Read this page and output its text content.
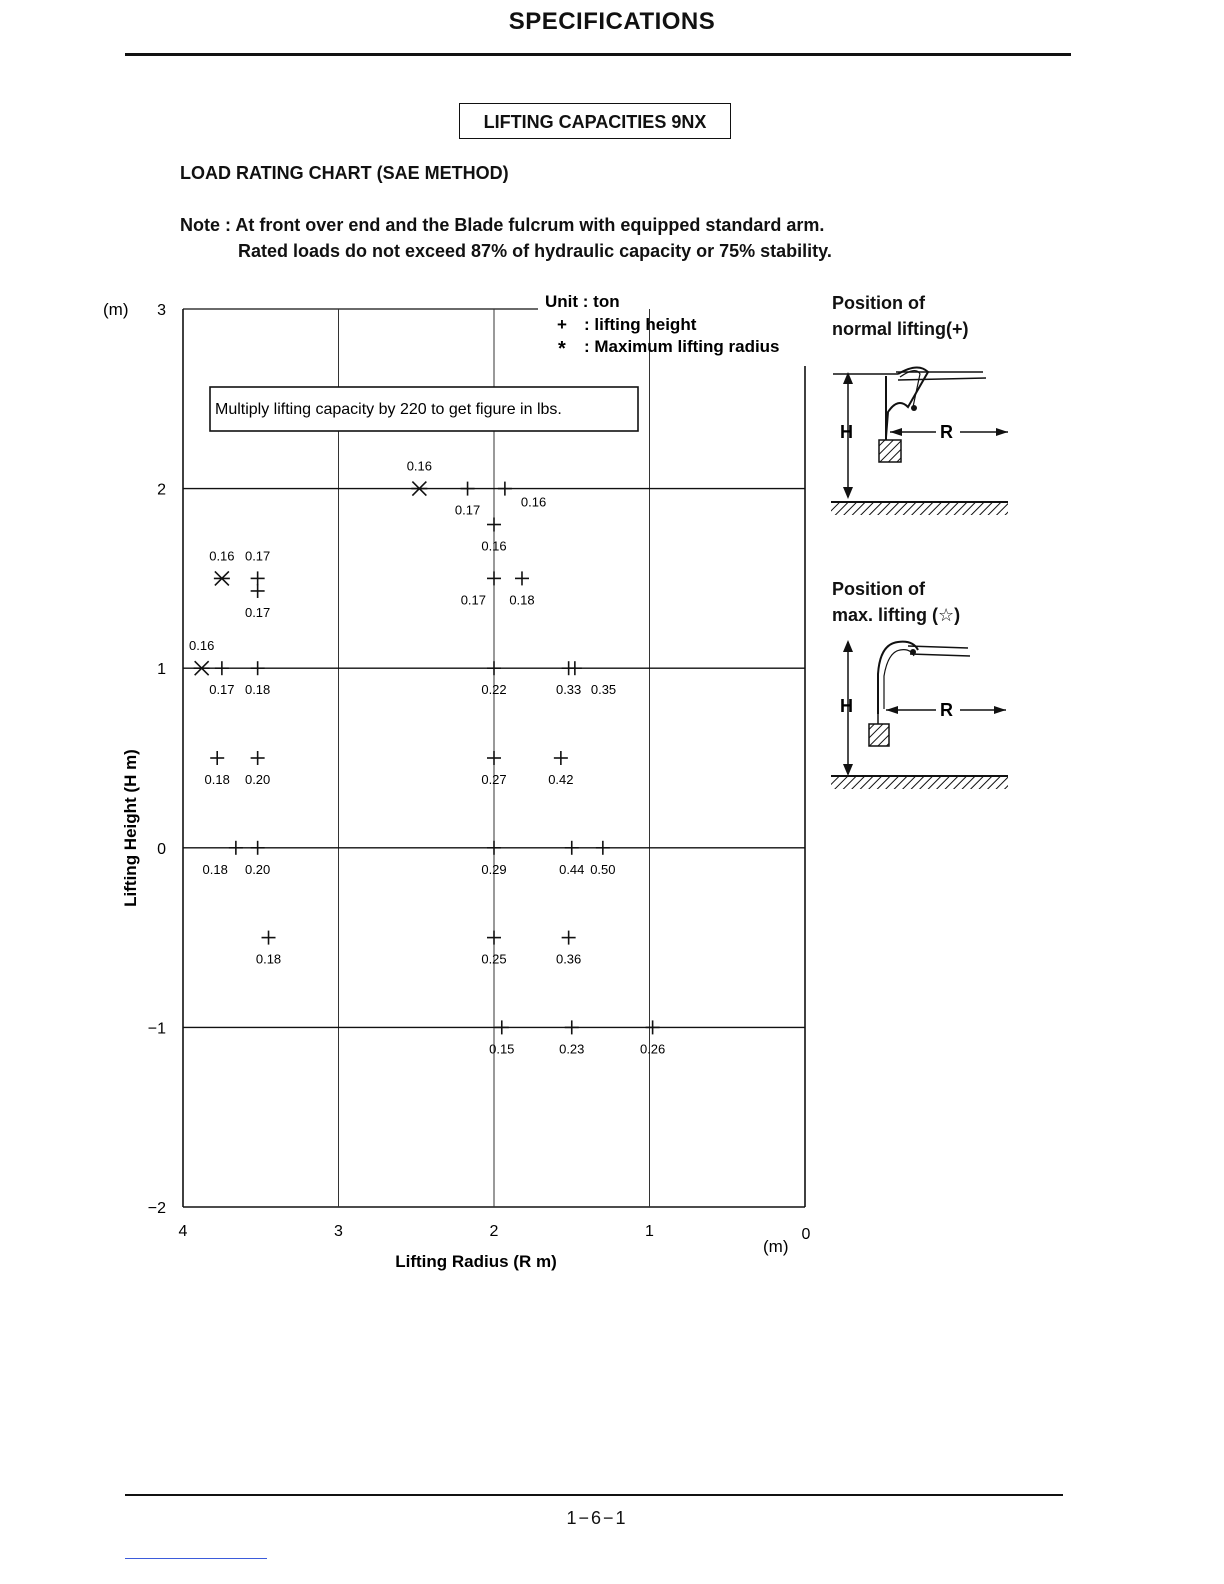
SPECIFICATIONS
LIFTING CAPACITIES 9NX
LOAD RATING CHART (SAE METHOD)
Note : At front over end and the Blade fulcrum with equipped standard arm.
Rated loads do not exceed 87% of hydraulic capacity or 75% stability.
3
2
1
0
−1
−2
4	3	2	1	0
0.16
0.17
0.16
0.16
0.16 0.17
0.17
0.17 0.18
0.16
0.17 0.18	0.22	0.33 0.35
0.18 0.20	0.27	0.42
0.18 0.20	0.29	0.44 0.50
0.18	0.25	0.36
0.15	0.23	0.26
Lifting Radius (R m)
Lifting Height (H m)
(m)
(m)
Unit : ton
+ : lifting height
* : Maximum lifting radius
Multiply lifting capacity by 220 to get figure in lbs.
Position of
normal lifting(+)
H	R
Position of
max. lifting (☆)
H	R
1−6−1
